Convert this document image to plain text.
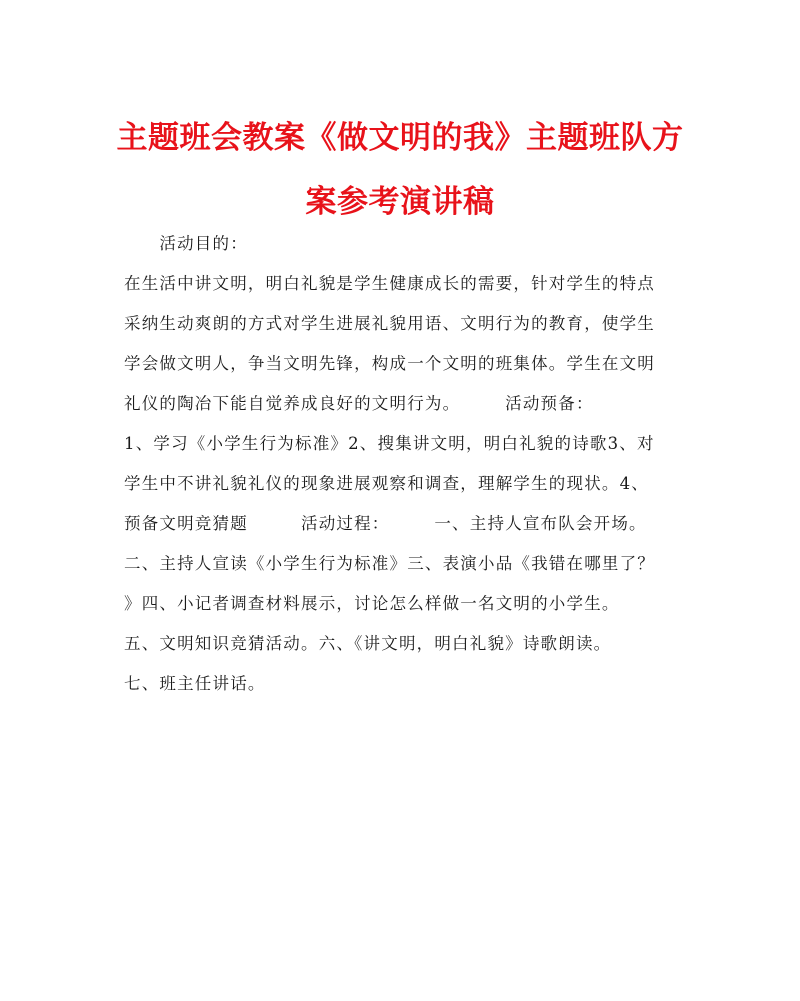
主题班会教案《做文明的我》主题班队方
案参考演讲稿
　　活动目的：
在生活中讲文明，明白礼貌是学生健康成长的需要，针对学生的特点
采纳生动爽朗的方式对学生进展礼貌用语、文明行为的教育，使学生
学会做文明人，争当文明先锋，构成一个文明的班集体。学生在文明
礼仪的陶冶下能自觉养成良好的文明行为。　　　活动预备：
1、学习《小学生行为标准》2、搜集讲文明，明白礼貌的诗歌3、对
学生中不讲礼貌礼仪的现象进展观察和调查，理解学生的现状。4、
预备文明竞猜题　　　活动过程：　　　一、主持人宣布队会开场。
二、主持人宣读《小学生行为标准》三、表演小品《我错在哪里了？
》四、小记者调查材料展示，讨论怎么样做一名文明的小学生。
五、文明知识竞猜活动。六、《讲文明，明白礼貌》诗歌朗读。
七、班主任讲话。
